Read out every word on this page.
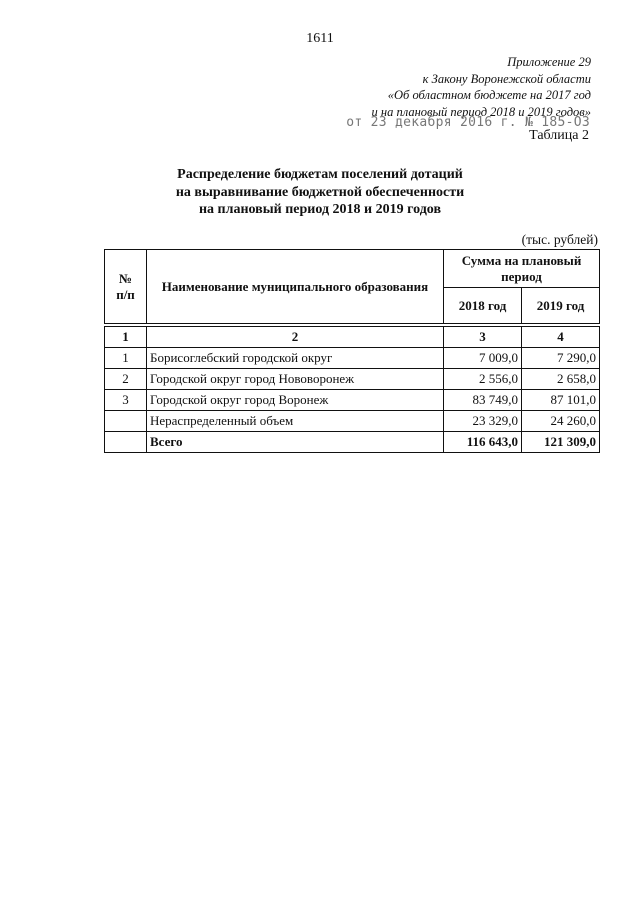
1611
Приложение 29
к Закону Воронежской области
«Об областном бюджете на 2017 год
и на плановый период 2018 и 2019 годов»
от 23 декабря 2016 г. № 185-ОЗ
Таблица 2
Распределение бюджетам поселений дотаций
на выравнивание бюджетной обеспеченности
на плановый период 2018 и 2019 годов
(тыс. рублей)
№
п/п	Наименование муниципального образования	Сумма на плановый период	
		2018 год	2019 год
1	2	3	4
1	Борисоглебский городской округ	7 009,0	7 290,0
2	Городской округ город Нововоронеж	2 556,0	2 658,0
3	Городской округ город Воронеж	83 749,0	87 101,0
	Нераспределенный объем	23 329,0	24 260,0
	Всего	116 643,0	121 309,0
